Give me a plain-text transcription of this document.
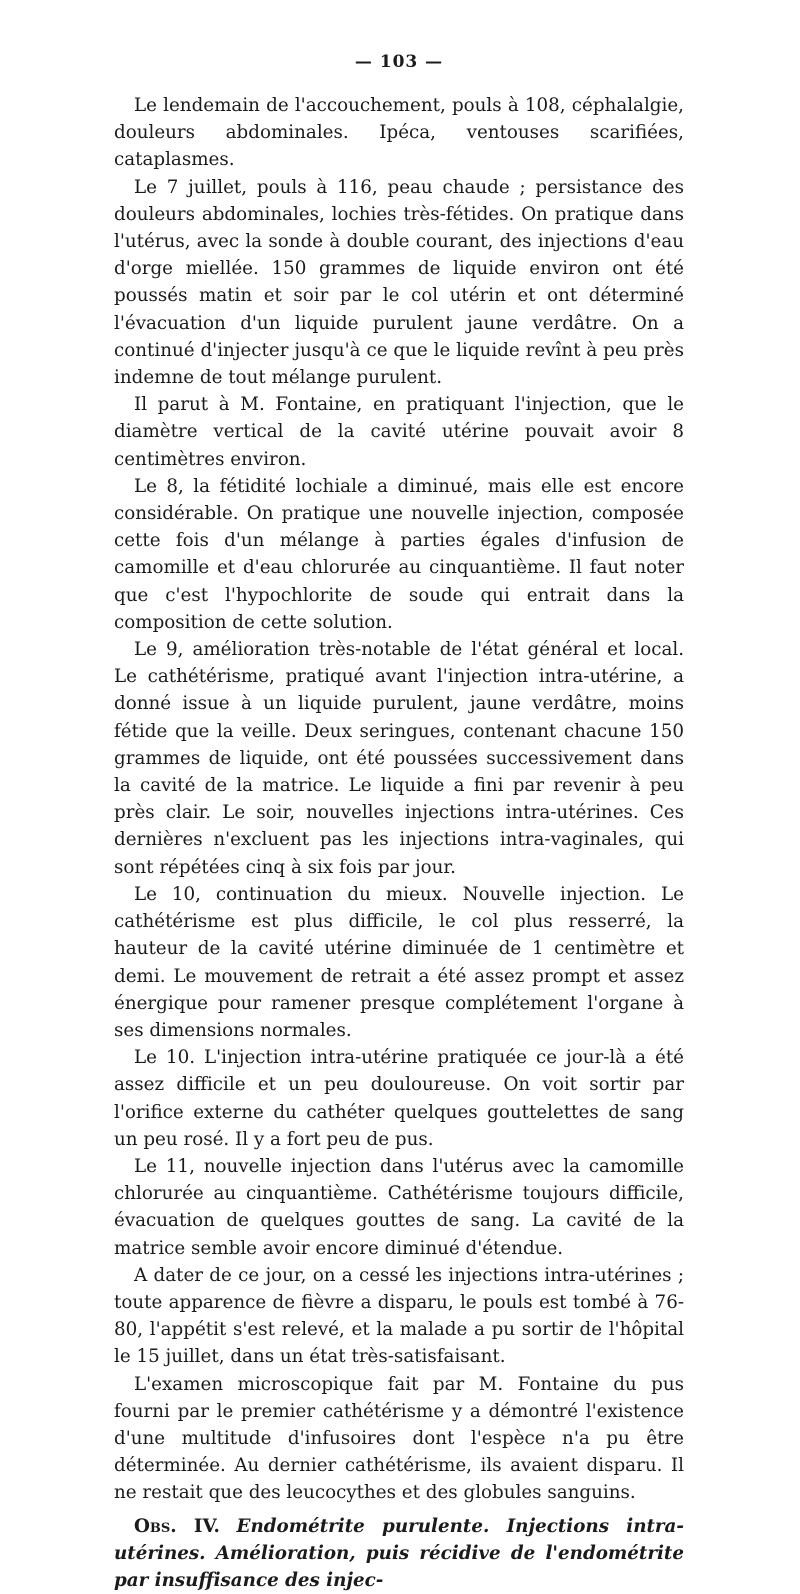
— 103 —

Le lendemain de l'accouchement, pouls à 108, céphalalgie, douleurs abdominales. Ipéca, ventouses scarifiées, cataplasmes.

Le 7 juillet, pouls à 116, peau chaude ; persistance des douleurs abdominales, lochies très-fétides. On pratique dans l'utérus, avec la sonde à double courant, des injections d'eau d'orge miellée. 150 grammes de liquide environ ont été poussés matin et soir par le col utérin et ont déterminé l'évacuation d'un liquide purulent jaune verdâtre. On a continué d'injecter jusqu'à ce que le liquide revînt à peu près indemne de tout mélange purulent.

Il parut à M. Fontaine, en pratiquant l'injection, que le diamètre vertical de la cavité utérine pouvait avoir 8 centimètres environ.

Le 8, la fétidité lochiale a diminué, mais elle est encore considérable. On pratique une nouvelle injection, composée cette fois d'un mélange à parties égales d'infusion de camomille et d'eau chlorurée au cinquantième. Il faut noter que c'est l'hypochlorite de soude qui entrait dans la composition de cette solution.

Le 9, amélioration très-notable de l'état général et local. Le cathétérisme, pratiqué avant l'injection intra-utérine, a donné issue à un liquide purulent, jaune verdâtre, moins fétide que la veille. Deux seringues, contenant chacune 150 grammes de liquide, ont été poussées successivement dans la cavité de la matrice. Le liquide a fini par revenir à peu près clair. Le soir, nouvelles injections intra-utérines. Ces dernières n'excluent pas les injections intra-vaginales, qui sont répétées cinq à six fois par jour.

Le 10, continuation du mieux. Nouvelle injection. Le cathétérisme est plus difficile, le col plus resserré, la hauteur de la cavité utérine diminuée de 1 centimètre et demi. Le mouvement de retrait a été assez prompt et assez énergique pour ramener presque complétement l'organe à ses dimensions normales.

Le 10. L'injection intra-utérine pratiquée ce jour-là a été assez difficile et un peu douloureuse. On voit sortir par l'orifice externe du cathéter quelques gouttelettes de sang un peu rosé. Il y a fort peu de pus.

Le 11, nouvelle injection dans l'utérus avec la camomille chlorurée au cinquantième. Cathétérisme toujours difficile, évacuation de quelques gouttes de sang. La cavité de la matrice semble avoir encore diminué d'étendue.

A dater de ce jour, on a cessé les injections intra-utérines ; toute apparence de fièvre a disparu, le pouls est tombé à 76-80, l'appétit s'est relevé, et la malade a pu sortir de l'hôpital le 15 juillet, dans un état très-satisfaisant.

L'examen microscopique fait par M. Fontaine du pus fourni par le premier cathétérisme y a démontré l'existence d'une multitude d'infusoires dont l'espèce n'a pu être déterminée. Au dernier cathétérisme, ils avaient disparu. Il ne restait que des leucocythes et des globules sanguins.

Obs. IV. Endométrite purulente. Injections intra-utérines. Amélioration, puis récidive de l'endométrite par insuffisance des injec-
